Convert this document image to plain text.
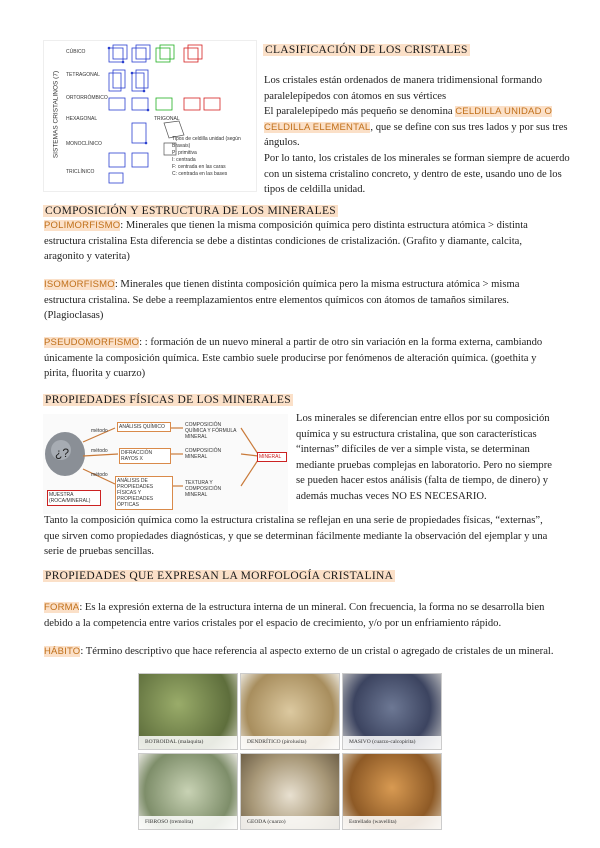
SISTEMAS CRISTALINOS (7)
CÚBICO
TETRAGONAL
ORTORRÓMBICO
HEXAGONAL
MONOCLÍNICO
TRICLÍNICO
TRIGONAL
Tipos de celdilla unidad (según Bravais)
P: primitiva
I: centrada
F: centrada en las caras
C: centrada en las bases
CLASIFICACIÓN DE LOS CRISTALES
Los cristales están ordenados de manera tridimensional formando paralelepípedos con átomos en sus vértices
El paralelepípedo más pequeño se denomina CELDILLA UNIDAD O CELDILLA ELEMENTAL, que se define con sus tres lados y por sus tres ángulos.
Por lo tanto, los cristales de los minerales se forman siempre de acuerdo con un sistema cristalino concreto, y dentro de este, usando uno de los tipos de celdilla unidad.
COMPOSICIÓN Y ESTRUCTURA DE LOS MINERALES
POLIMORFISMO: Minerales que tienen la misma composición química pero distinta estructura atómica > distinta estructura cristalina Esta diferencia se debe a distintas condiciones de cristalización. (Grafito y diamante, calcita, aragonito y vaterita)
ISOMORFISMO: Minerales que tienen distinta composición química pero la misma estructura atómica > misma estructura cristalina. Se debe a reemplazamientos entre elementos químicos con átomos de tamaños similares. (Plagioclasas)
PSEUDOMORFISMO: : formación de un nuevo mineral a partir de otro sin variación en la forma externa, cambiando únicamente la composición química. Este cambio suele producirse por fenómenos de alteración química. (goethita y pirita, fluorita y cuarzo)
PROPIEDADES FÍSICAS DE LOS MINERALES
¿?
método
método
método
ANÁLISIS QUÍMICO
DIFRACCIÓN RAYOS X
ANÁLISIS DE PROPIEDADES FÍSICAS Y PROPIEDADES ÓPTICAS
COMPOSICIÓN QUÍMICA Y FÓRMULA MINERAL
COMPOSICIÓN MINERAL
TEXTURA Y COMPOSICIÓN MINERAL
MINERAL
MUESTRA (ROCA/MINERAL)
Los minerales se diferencian entre ellos por su composición química y su estructura cristalina, que son características “internas” difíciles de ver a simple vista, se determinan mediante pruebas complejas en laboratorio. Pero no siempre se pueden hacer estos análisis (falta de tiempo, de dinero) y además muchas veces NO ES NECESARIO.
Tanto la composición química como la estructura cristalina se reflejan en una serie de propiedades físicas, “externas”, que sirven como propiedades diagnósticas, y que se determinan fácilmente mediante la observación del ejemplar y una serie de pruebas sencillas.
PROPIEDADES QUE EXPRESAN LA MORFOLOGÍA CRISTALINA
FORMA: Es la expresión externa de la estructura interna de un mineral. Con frecuencia, la forma no se desarrolla bien debido a la competencia entre varios cristales por el espacio de crecimiento, y/o por un enfriamiento rápido.
HÁBITO: Término descriptivo que hace referencia al aspecto externo de un cristal o agregado de cristales de un mineral.
BOTROIDAL (malaquita)	DENDRÍTICO (pirolusita)	MASIVO (cuarzo-calcopirita)
FIBROSO (tremolita)	GEODA (cuarzo)	Estrellado (wavellita)
